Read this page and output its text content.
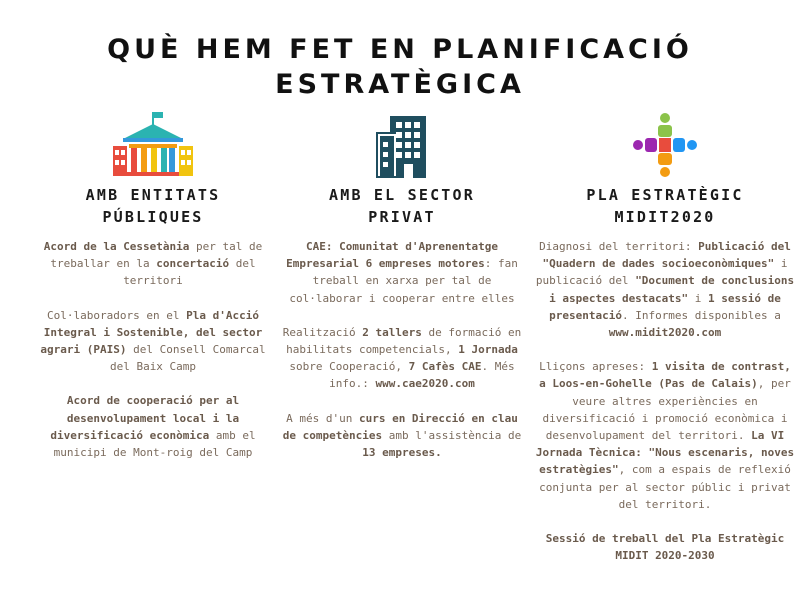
QUÈ HEM FET EN PLANIFICACIÓ
ESTRATÈGICA
AMB ENTITATS
PÚBLIQUES

Acord de la Cessetània per tal de treballar en la concertació del territori

Col·laboradors en el Pla d'Acció Integral i Sostenible, del sector agrari (PAIS) del Consell Comarcal del Baix Camp

Acord de cooperació per al desenvolupament local i la diversificació econòmica amb el municipi de Mont-roig del Camp

AMB EL SECTOR
PRIVAT

CAE: Comunitat d'Aprenentatge Empresarial 6 empreses motores: fan treball en xarxa per tal de col·laborar i cooperar entre elles

Realització 2 tallers de formació en habilitats competencials, 1 Jornada sobre Cooperació, 7 Cafès CAE. Més info.: www.cae2020.com

A més d'un curs en Direcció en clau de competències amb l'assistència de 13 empreses.

PLA ESTRATÈGIC
MIDIT2020

Diagnosi del territori: Publicació del "Quadern de dades socioeconòmiques" i publicació del "Document de conclusions i aspectes destacats" i 1 sessió de presentació. Informes disponibles a www.midit2020.com

Lliçons apreses: 1 visita de contrast, a Loos-en-Gohelle (Pas de Calais), per veure altres experiències en diversificació i promoció econòmica i desenvolupament del territori. La VI Jornada Tècnica: "Nous escenaris, noves estratègies", com a espais de reflexió conjunta per al sector públic i privat del territori.

Sessió de treball del Pla Estratègic MIDIT 2020-2030
